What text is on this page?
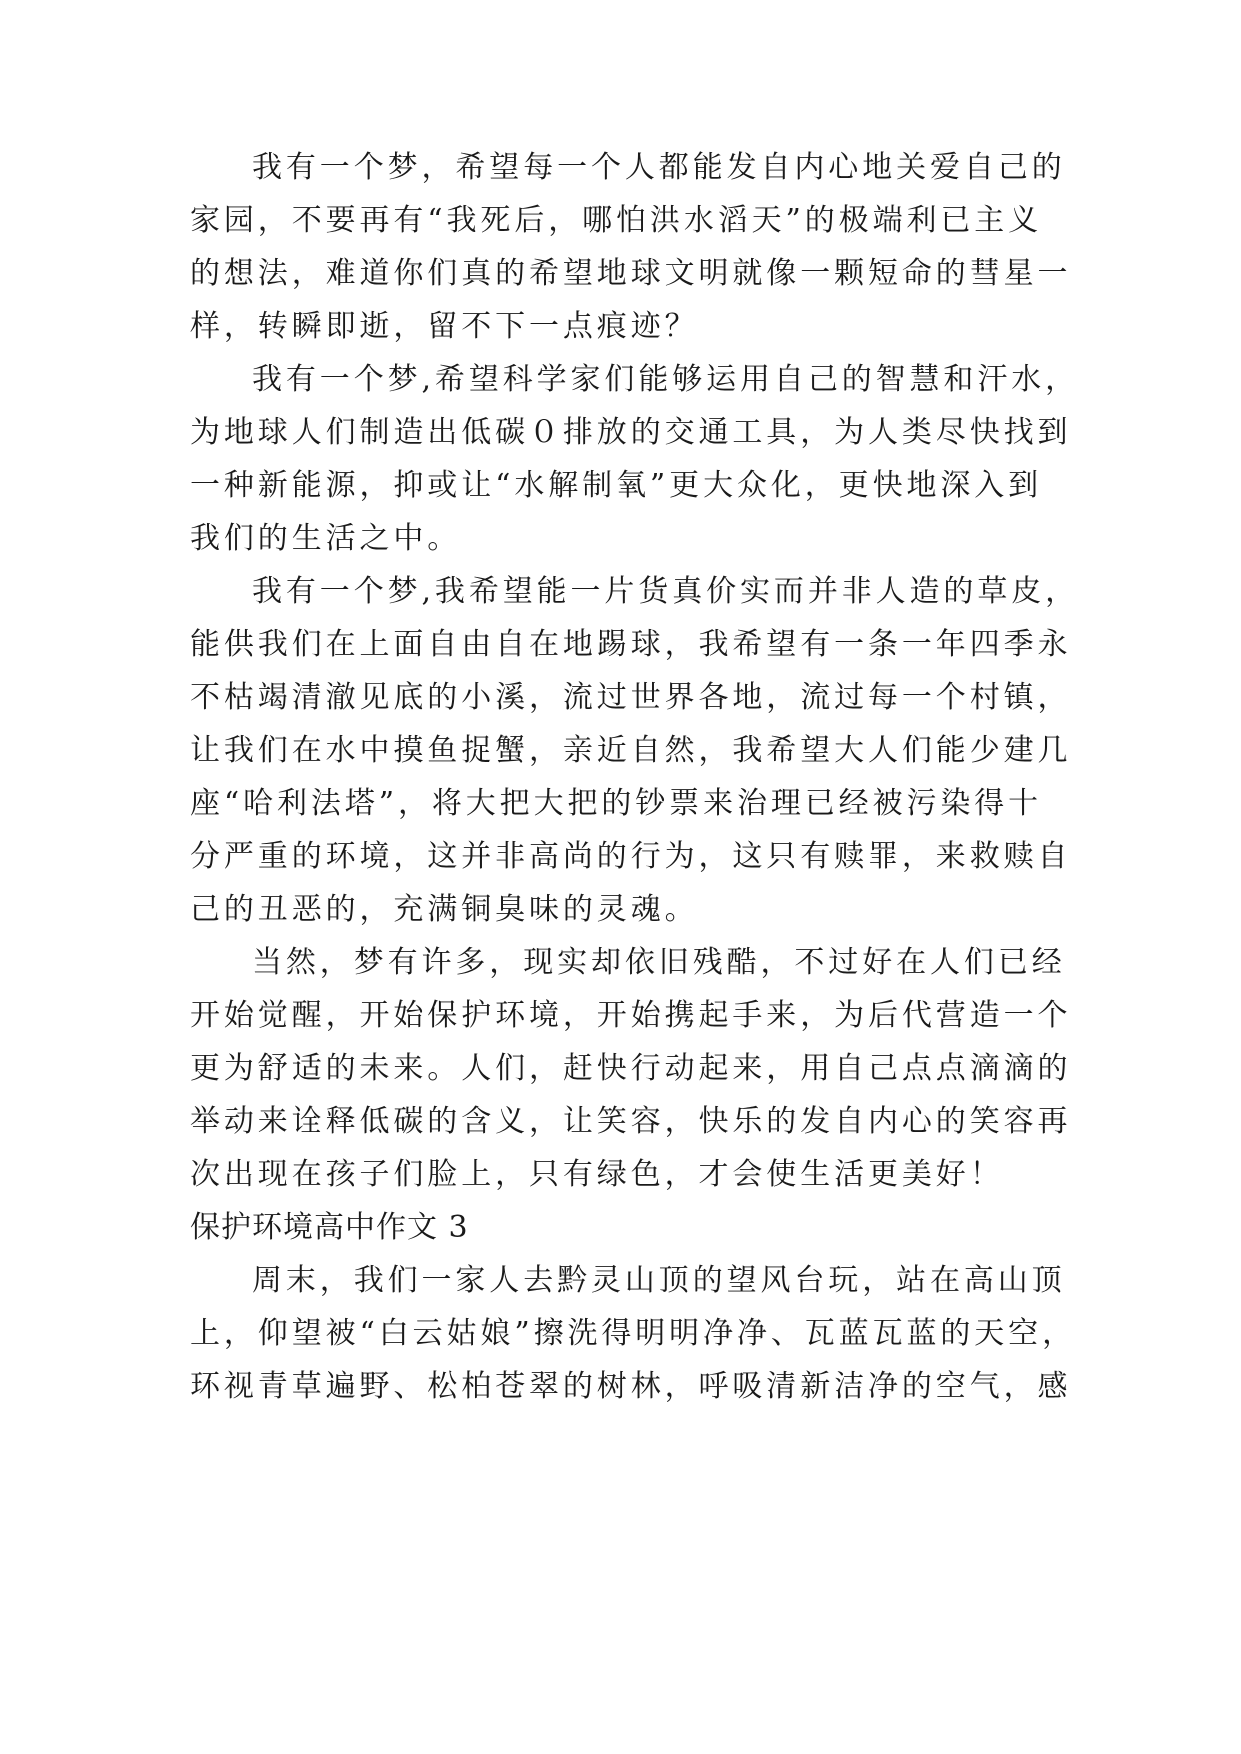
我有一个梦，希望每一个人都能发自内心地关爱自己的
家园，不要再有“我死后，哪怕洪水滔天”的极端利已主义
的想法，难道你们真的希望地球文明就像一颗短命的彗星一
样，转瞬即逝，留不下一点痕迹？
我有一个梦,希望科学家们能够运用自己的智慧和汗水，
为地球人们制造出低碳０排放的交通工具，为人类尽快找到
一种新能源，抑或让“水解制氧”更大众化，更快地深入到
我们的生活之中。
我有一个梦,我希望能一片货真价实而并非人造的草皮，
能供我们在上面自由自在地踢球，我希望有一条一年四季永
不枯竭清澈见底的小溪，流过世界各地，流过每一个村镇，
让我们在水中摸鱼捉蟹，亲近自然，我希望大人们能少建几
座“哈利法塔”，将大把大把的钞票来治理已经被污染得十
分严重的环境，这并非高尚的行为，这只有赎罪，来救赎自
己的丑恶的，充满铜臭味的灵魂。
当然，梦有许多，现实却依旧残酷，不过好在人们已经
开始觉醒，开始保护环境，开始携起手来，为后代营造一个
更为舒适的未来。人们，赶快行动起来，用自己点点滴滴的
举动来诠释低碳的含义，让笑容，快乐的发自内心的笑容再
次出现在孩子们脸上，只有绿色，才会使生活更美好！
保护环境高中作文 3
周末，我们一家人去黔灵山顶的望风台玩，站在高山顶
上，仰望被“白云姑娘”擦洗得明明净净、瓦蓝瓦蓝的天空，
环视青草遍野、松柏苍翠的树林，呼吸清新洁净的空气，感
